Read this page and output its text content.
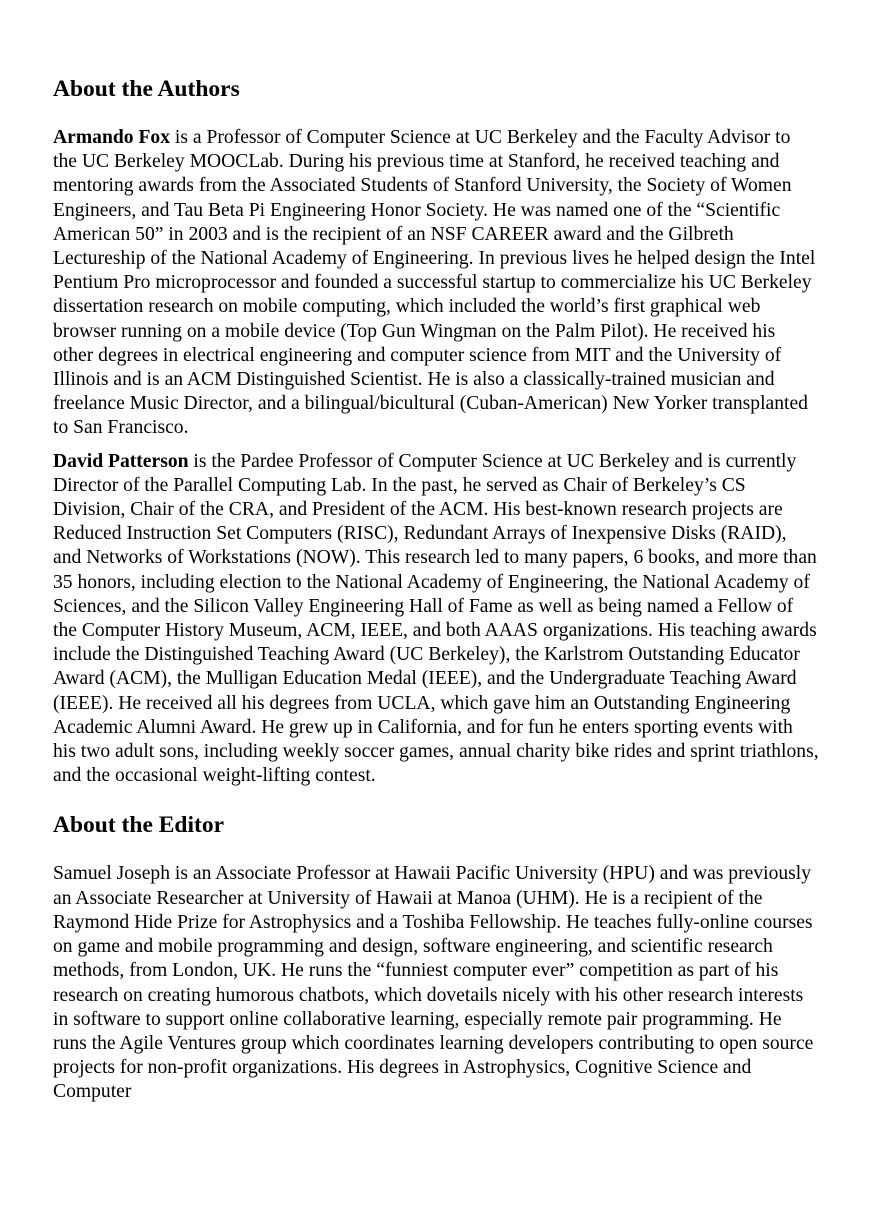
About the Authors

Armando Fox is a Professor of Computer Science at UC Berkeley and the Faculty Advisor to the UC Berkeley MOOCLab. During his previous time at Stanford, he received teaching and mentoring awards from the Associated Students of Stanford University, the Society of Women Engineers, and Tau Beta Pi Engineering Honor Society. He was named one of the “Scientific American 50” in 2003 and is the recipient of an NSF CAREER award and the Gilbreth Lectureship of the National Academy of Engineering. In previous lives he helped design the Intel Pentium Pro microprocessor and founded a successful startup to commercialize his UC Berkeley dissertation research on mobile computing, which included the world’s first graphical web browser running on a mobile device (Top Gun Wingman on the Palm Pilot). He received his other degrees in electrical engineering and computer science from MIT and the University of Illinois and is an ACM Distinguished Scientist. He is also a classically-trained musician and freelance Music Director, and a bilingual/bicultural (Cuban-American) New Yorker transplanted to San Francisco.

David Patterson is the Pardee Professor of Computer Science at UC Berkeley and is currently Director of the Parallel Computing Lab. In the past, he served as Chair of Berkeley’s CS Division, Chair of the CRA, and President of the ACM. His best-known research projects are Reduced Instruction Set Computers (RISC), Redundant Arrays of Inexpensive Disks (RAID), and Networks of Workstations (NOW). This research led to many papers, 6 books, and more than 35 honors, including election to the National Academy of Engineering, the National Academy of Sciences, and the Silicon Valley Engineering Hall of Fame as well as being named a Fellow of the Computer History Museum, ACM, IEEE, and both AAAS organizations. His teaching awards include the Distinguished Teaching Award (UC Berkeley), the Karlstrom Outstanding Educator Award (ACM), the Mulligan Education Medal (IEEE), and the Undergraduate Teaching Award (IEEE). He received all his degrees from UCLA, which gave him an Outstanding Engineering Academic Alumni Award. He grew up in California, and for fun he enters sporting events with his two adult sons, including weekly soccer games, annual charity bike rides and sprint triathlons, and the occasional weight-lifting contest.

About the Editor

Samuel Joseph is an Associate Professor at Hawaii Pacific University (HPU) and was previously an Associate Researcher at University of Hawaii at Manoa (UHM). He is a recipient of the Raymond Hide Prize for Astrophysics and a Toshiba Fellowship. He teaches fully-online courses on game and mobile programming and design, software engineering, and scientific research methods, from London, UK. He runs the “funniest computer ever” competition as part of his research on creating humorous chatbots, which dovetails nicely with his other research interests in software to support online collaborative learning, especially remote pair programming. He runs the Agile Ventures group which coordinates learning developers contributing to open source projects for non-profit organizations. His degrees in Astrophysics, Cognitive Science and Computer
